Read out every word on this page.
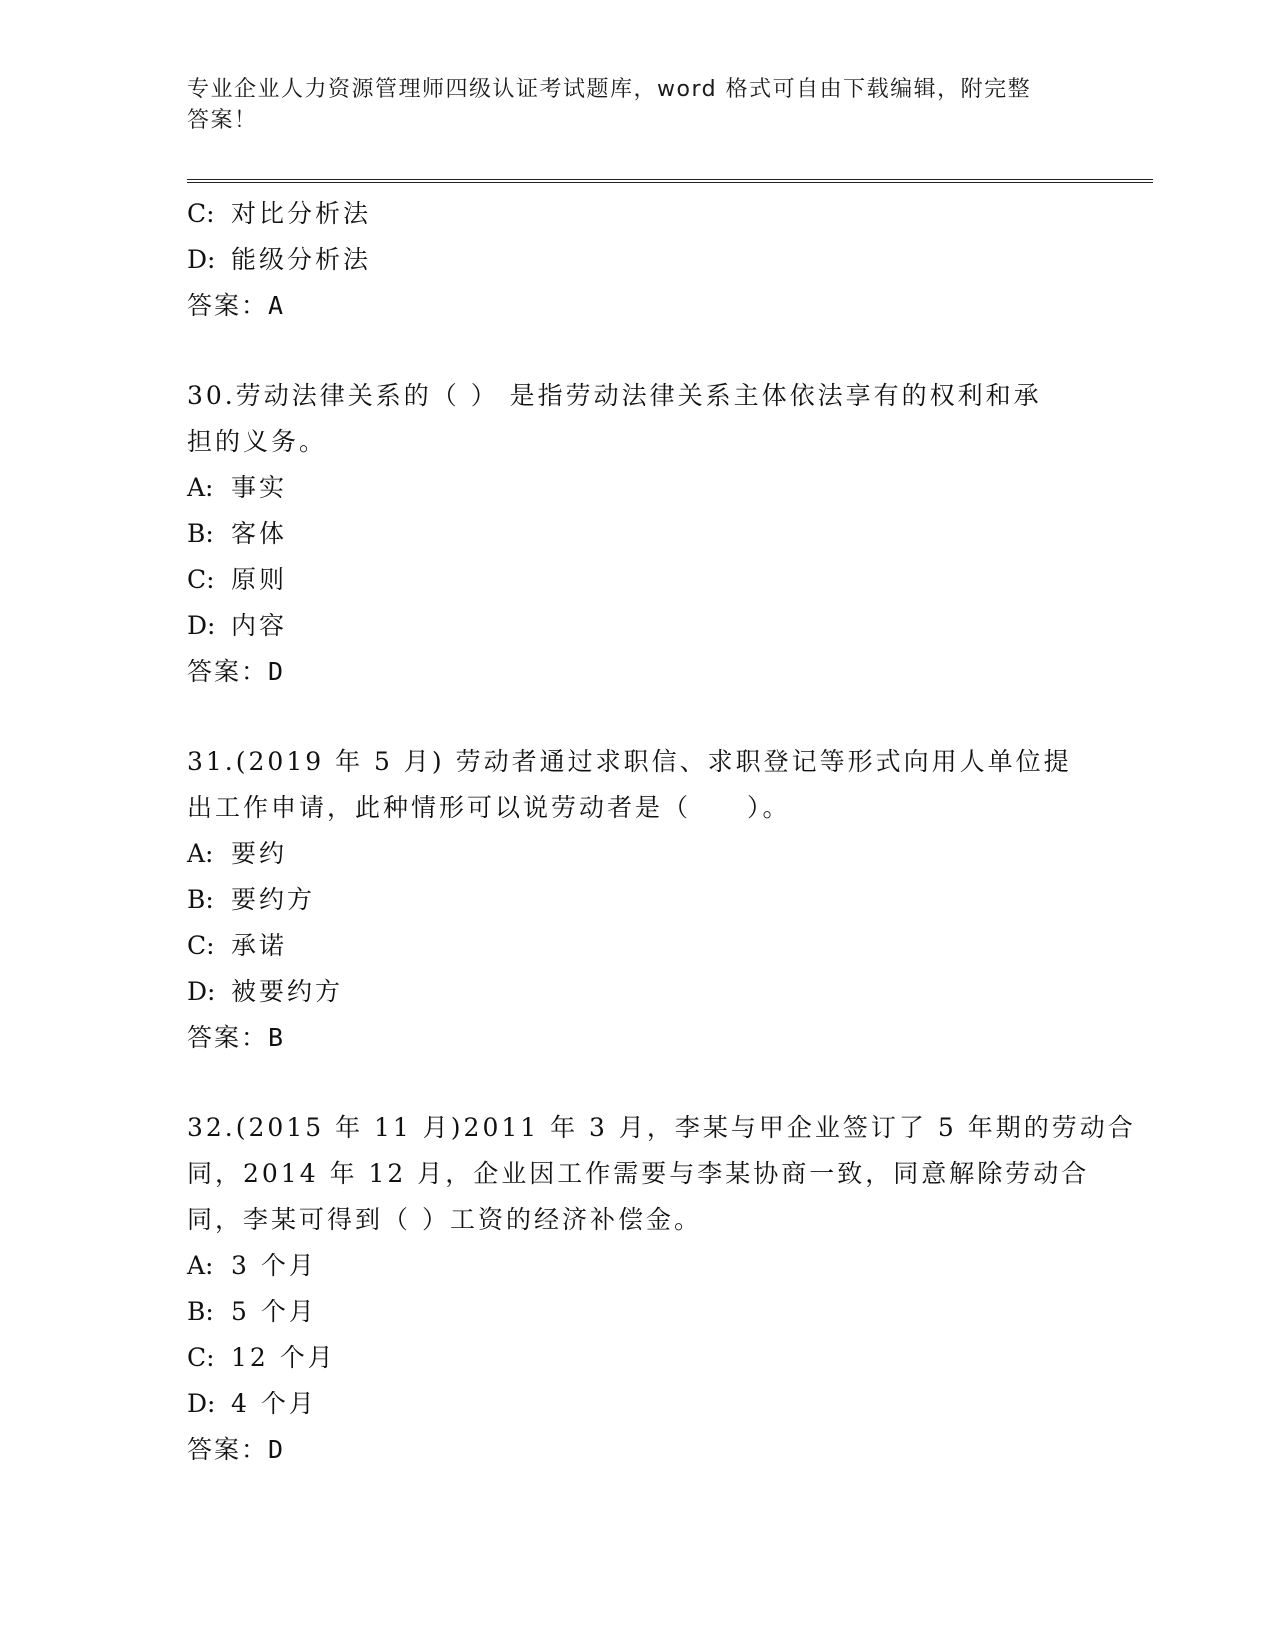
专业企业人力资源管理师四级认证考试题库，word 格式可自由下载编辑，附完整
答案！
C: 对比分析法
D: 能级分析法
答案：A
30.劳动法律关系的（ ） 是指劳动法律关系主体依法享有的权利和承
担的义务。
A: 事实
B: 客体
C: 原则
D: 内容
答案：D
31.(2019 年 5 月) 劳动者通过求职信、求职登记等形式向用人单位提
出工作申请，此种情形可以说劳动者是（　　）。
A: 要约
B: 要约方
C: 承诺
D: 被要约方
答案：B
32.(2015 年 11 月)2011 年 3 月，李某与甲企业签订了 5 年期的劳动合
同，2014 年 12 月，企业因工作需要与李某协商一致，同意解除劳动合
同，李某可得到（ ）工资的经济补偿金。
A: 3 个月
B: 5 个月
C: 12 个月
D: 4 个月
答案：D
